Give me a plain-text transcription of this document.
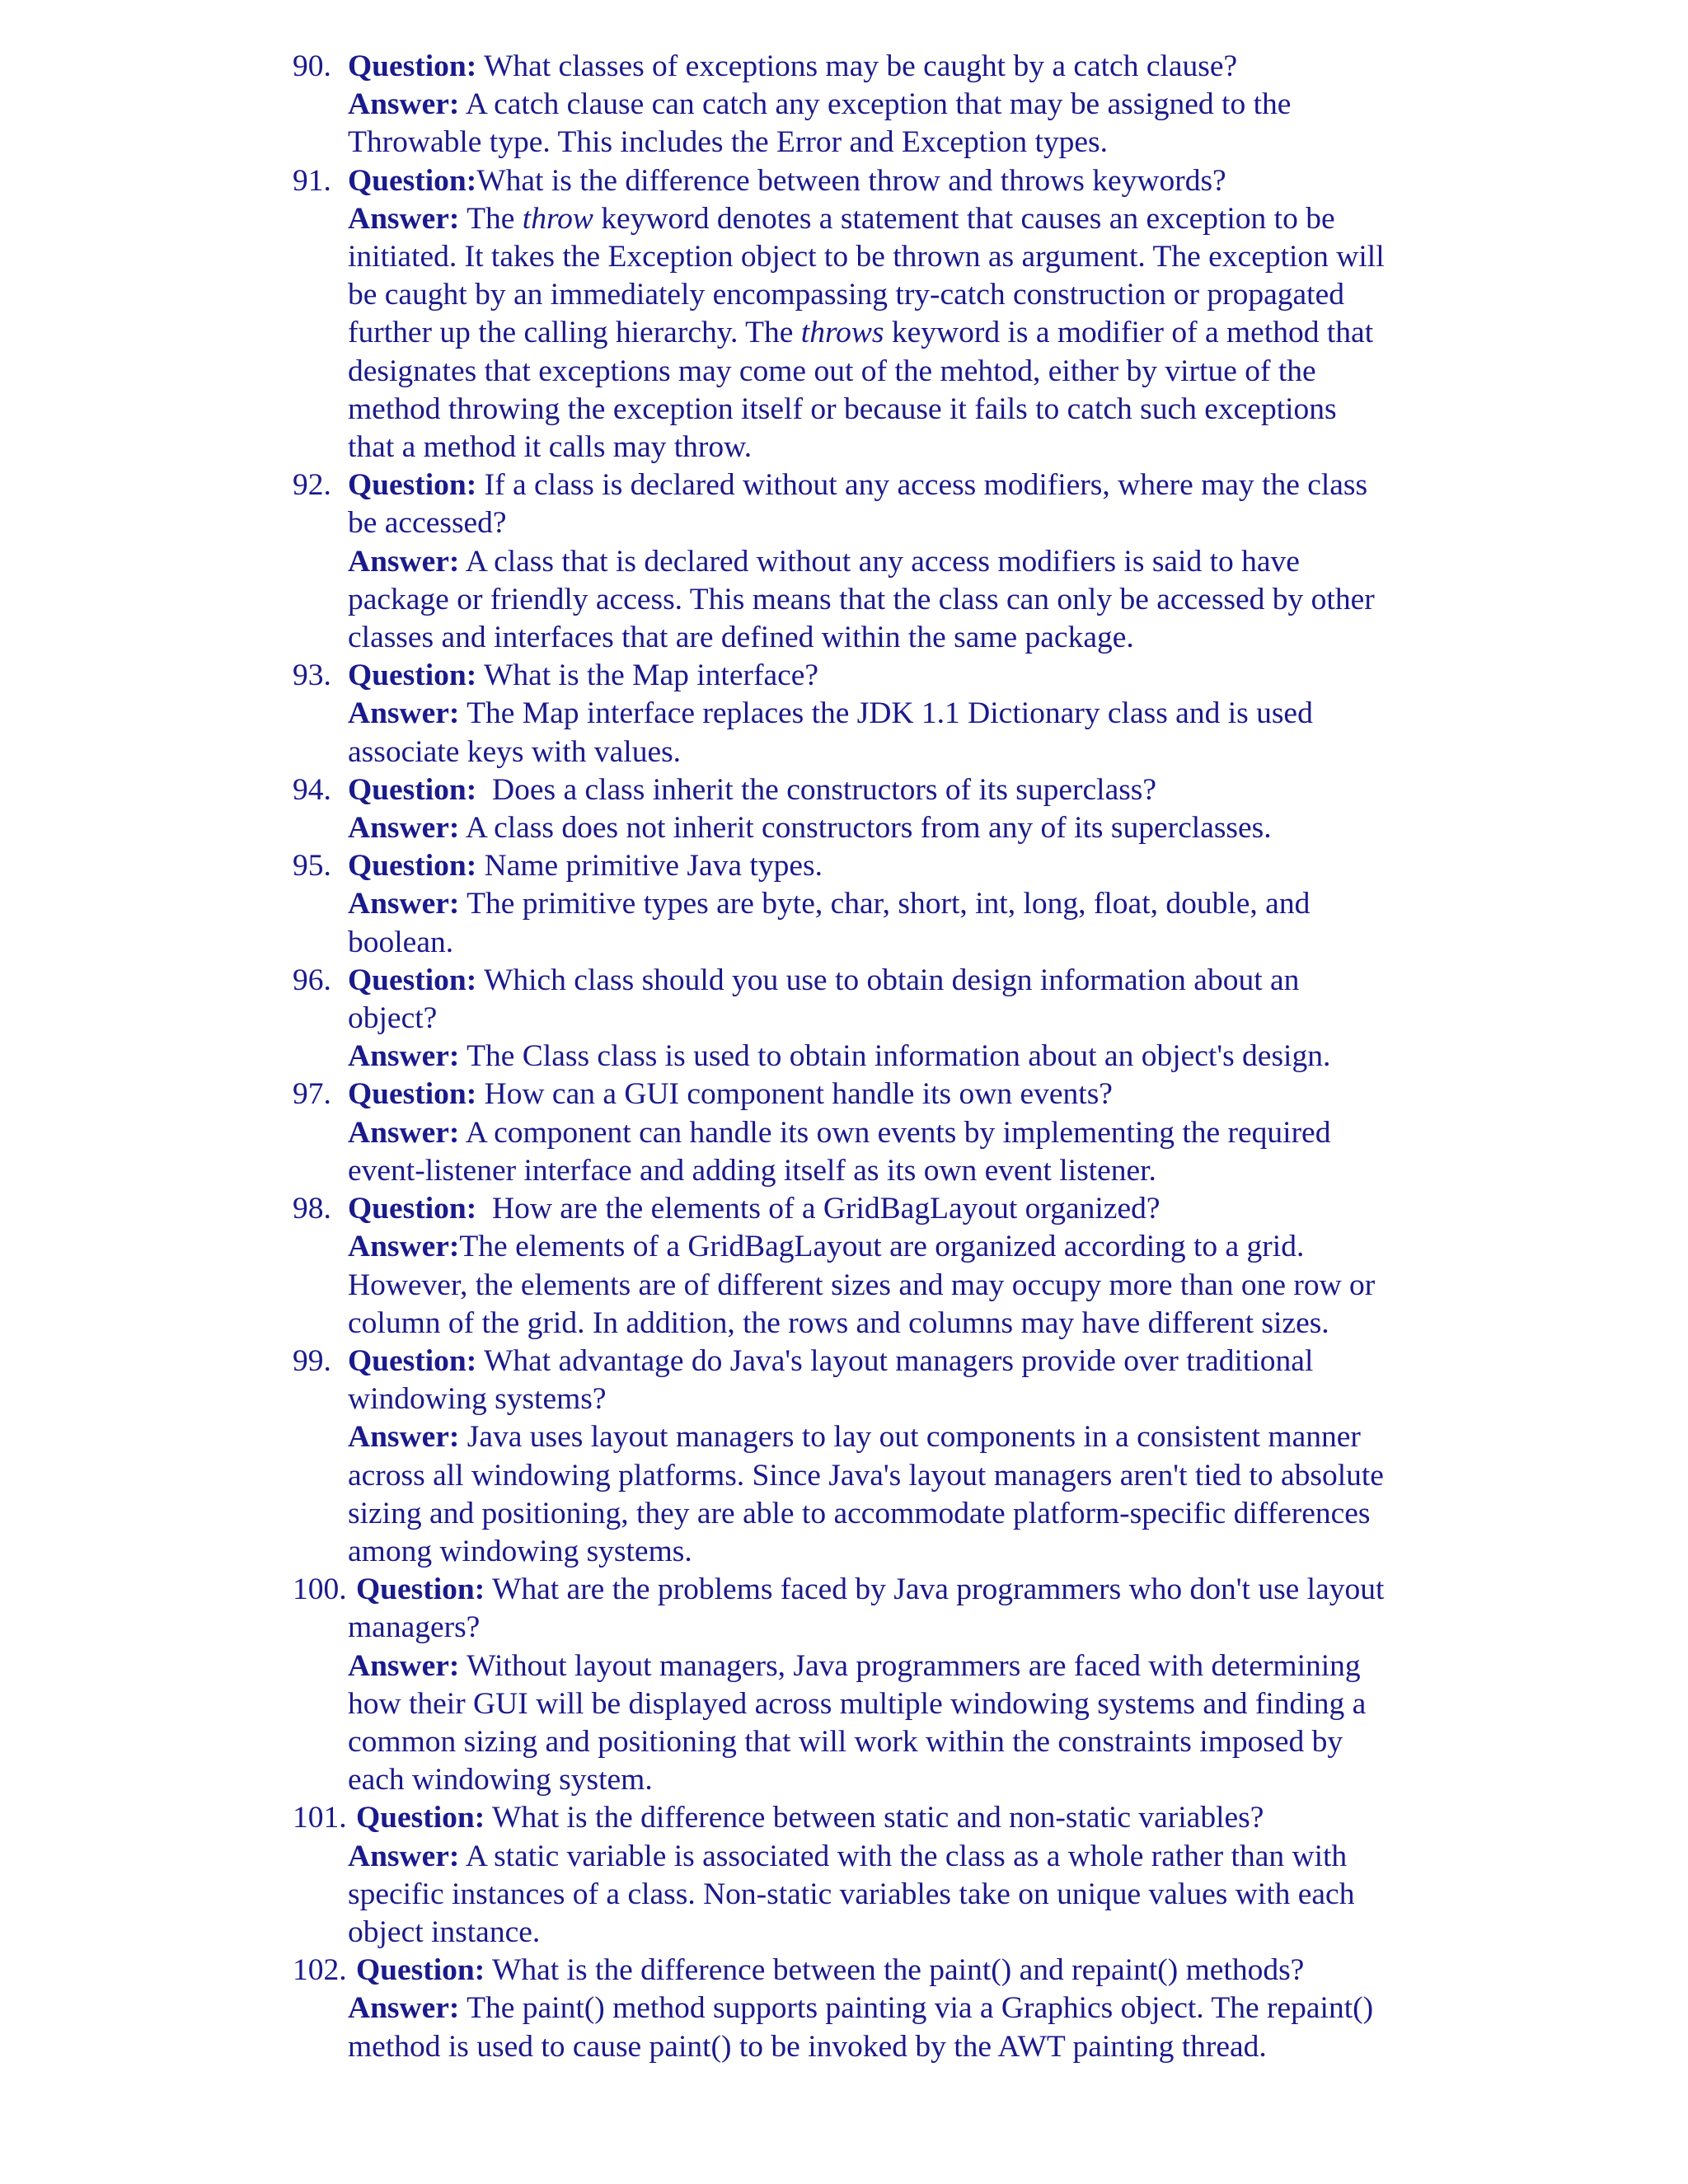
90. Question: What classes of exceptions may be caught by a catch clause?
Answer: A catch clause can catch any exception that may be assigned to the
Throwable type. This includes the Error and Exception types.
91. Question:What is the difference between throw and throws keywords?
Answer: The throw keyword denotes a statement that causes an exception to be
initiated. It takes the Exception object to be thrown as argument. The exception will
be caught by an immediately encompassing try-catch construction or propagated
further up the calling hierarchy. The throws keyword is a modifier of a method that
designates that exceptions may come out of the mehtod, either by virtue of the
method throwing the exception itself or because it fails to catch such exceptions
that a method it calls may throw.
92. Question: If a class is declared without any access modifiers, where may the class
be accessed?
Answer: A class that is declared without any access modifiers is said to have
package or friendly access. This means that the class can only be accessed by other
classes and interfaces that are defined within the same package.
93. Question: What is the Map interface?
Answer: The Map interface replaces the JDK 1.1 Dictionary class and is used
associate keys with values.
94. Question: Does a class inherit the constructors of its superclass?
Answer: A class does not inherit constructors from any of its superclasses.
95. Question: Name primitive Java types.
Answer: The primitive types are byte, char, short, int, long, float, double, and
boolean.
96. Question: Which class should you use to obtain design information about an
object?
Answer: The Class class is used to obtain information about an object's design.
97. Question: How can a GUI component handle its own events?
Answer: A component can handle its own events by implementing the required
event-listener interface and adding itself as its own event listener.
98. Question:  How are the elements of a GridBagLayout organized?
Answer:The elements of a GridBagLayout are organized according to a grid.
However, the elements are of different sizes and may occupy more than one row or
column of the grid. In addition, the rows and columns may have different sizes.
99. Question: What advantage do Java's layout managers provide over traditional
windowing systems?
Answer: Java uses layout managers to lay out components in a consistent manner
across all windowing platforms. Since Java's layout managers aren't tied to absolute
sizing and positioning, they are able to accommodate platform-specific differences
among windowing systems.
100. Question: What are the problems faced by Java programmers who don't use layout
managers?
Answer: Without layout managers, Java programmers are faced with determining
how their GUI will be displayed across multiple windowing systems and finding a
common sizing and positioning that will work within the constraints imposed by
each windowing system.
101. Question: What is the difference between static and non-static variables?
Answer: A static variable is associated with the class as a whole rather than with
specific instances of a class. Non-static variables take on unique values with each
object instance.
102. Question: What is the difference between the paint() and repaint() methods?
Answer: The paint() method supports painting via a Graphics object. The repaint()
method is used to cause paint() to be invoked by the AWT painting thread.
